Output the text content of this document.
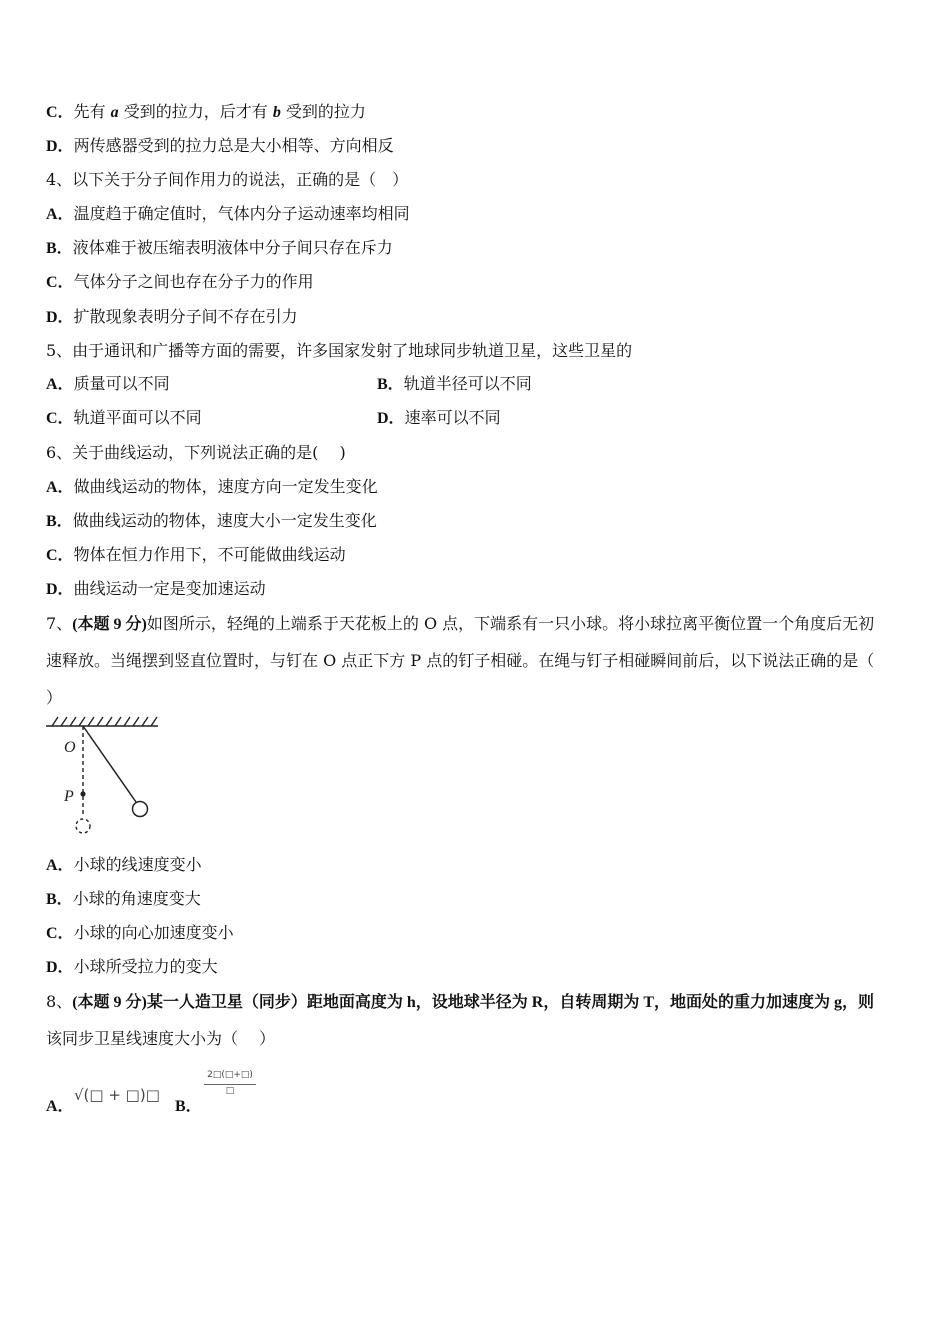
C．先有 a 受到的拉力，后才有 b 受到的拉力
D．两传感器受到的拉力总是大小相等、方向相反
4、以下关于分子间作用力的说法，正确的是（　）
A．温度趋于确定值时，气体内分子运动速率均相同
B．液体难于被压缩表明液体中分子间只存在斥力
C．气体分子之间也存在分子力的作用
D．扩散现象表明分子间不存在引力
5、由于通讯和广播等方面的需要，许多国家发射了地球同步轨道卫星，这些卫星的
A．质量可以不同	B．轨道半径可以不同
C．轨道平面可以不同	D．速率可以不同
6、关于曲线运动，下列说法正确的是(　 )
A．做曲线运动的物体，速度方向一定发生变化
B．做曲线运动的物体，速度大小一定发生变化
C．物体在恒力作用下，不可能做曲线运动
D．曲线运动一定是变加速运动
7、(本题 9 分)如图所示，轻绳的上端系于天花板上的 O 点，下端系有一只小球。将小球拉离平衡位置一个角度后无初
速释放。当绳摆到竖直位置时，与钉在 O 点正下方 P 点的钉子相碰。在绳与钉子相碰瞬间前后，以下说法正确的是（
）
O
P
A．小球的线速度变小
B．小球的角速度变大
C．小球的向心加速度变小
D．小球所受拉力的变大
8、(本题 9 分)某一人造卫星（同步）距地面高度为 h，设地球半径为 R，自转周期为 T，地面处的重力加速度为 g，则
该同步卫星线速度大小为（　 ）
A．
√(□ + □)□
B．
2□(□+□)
□
